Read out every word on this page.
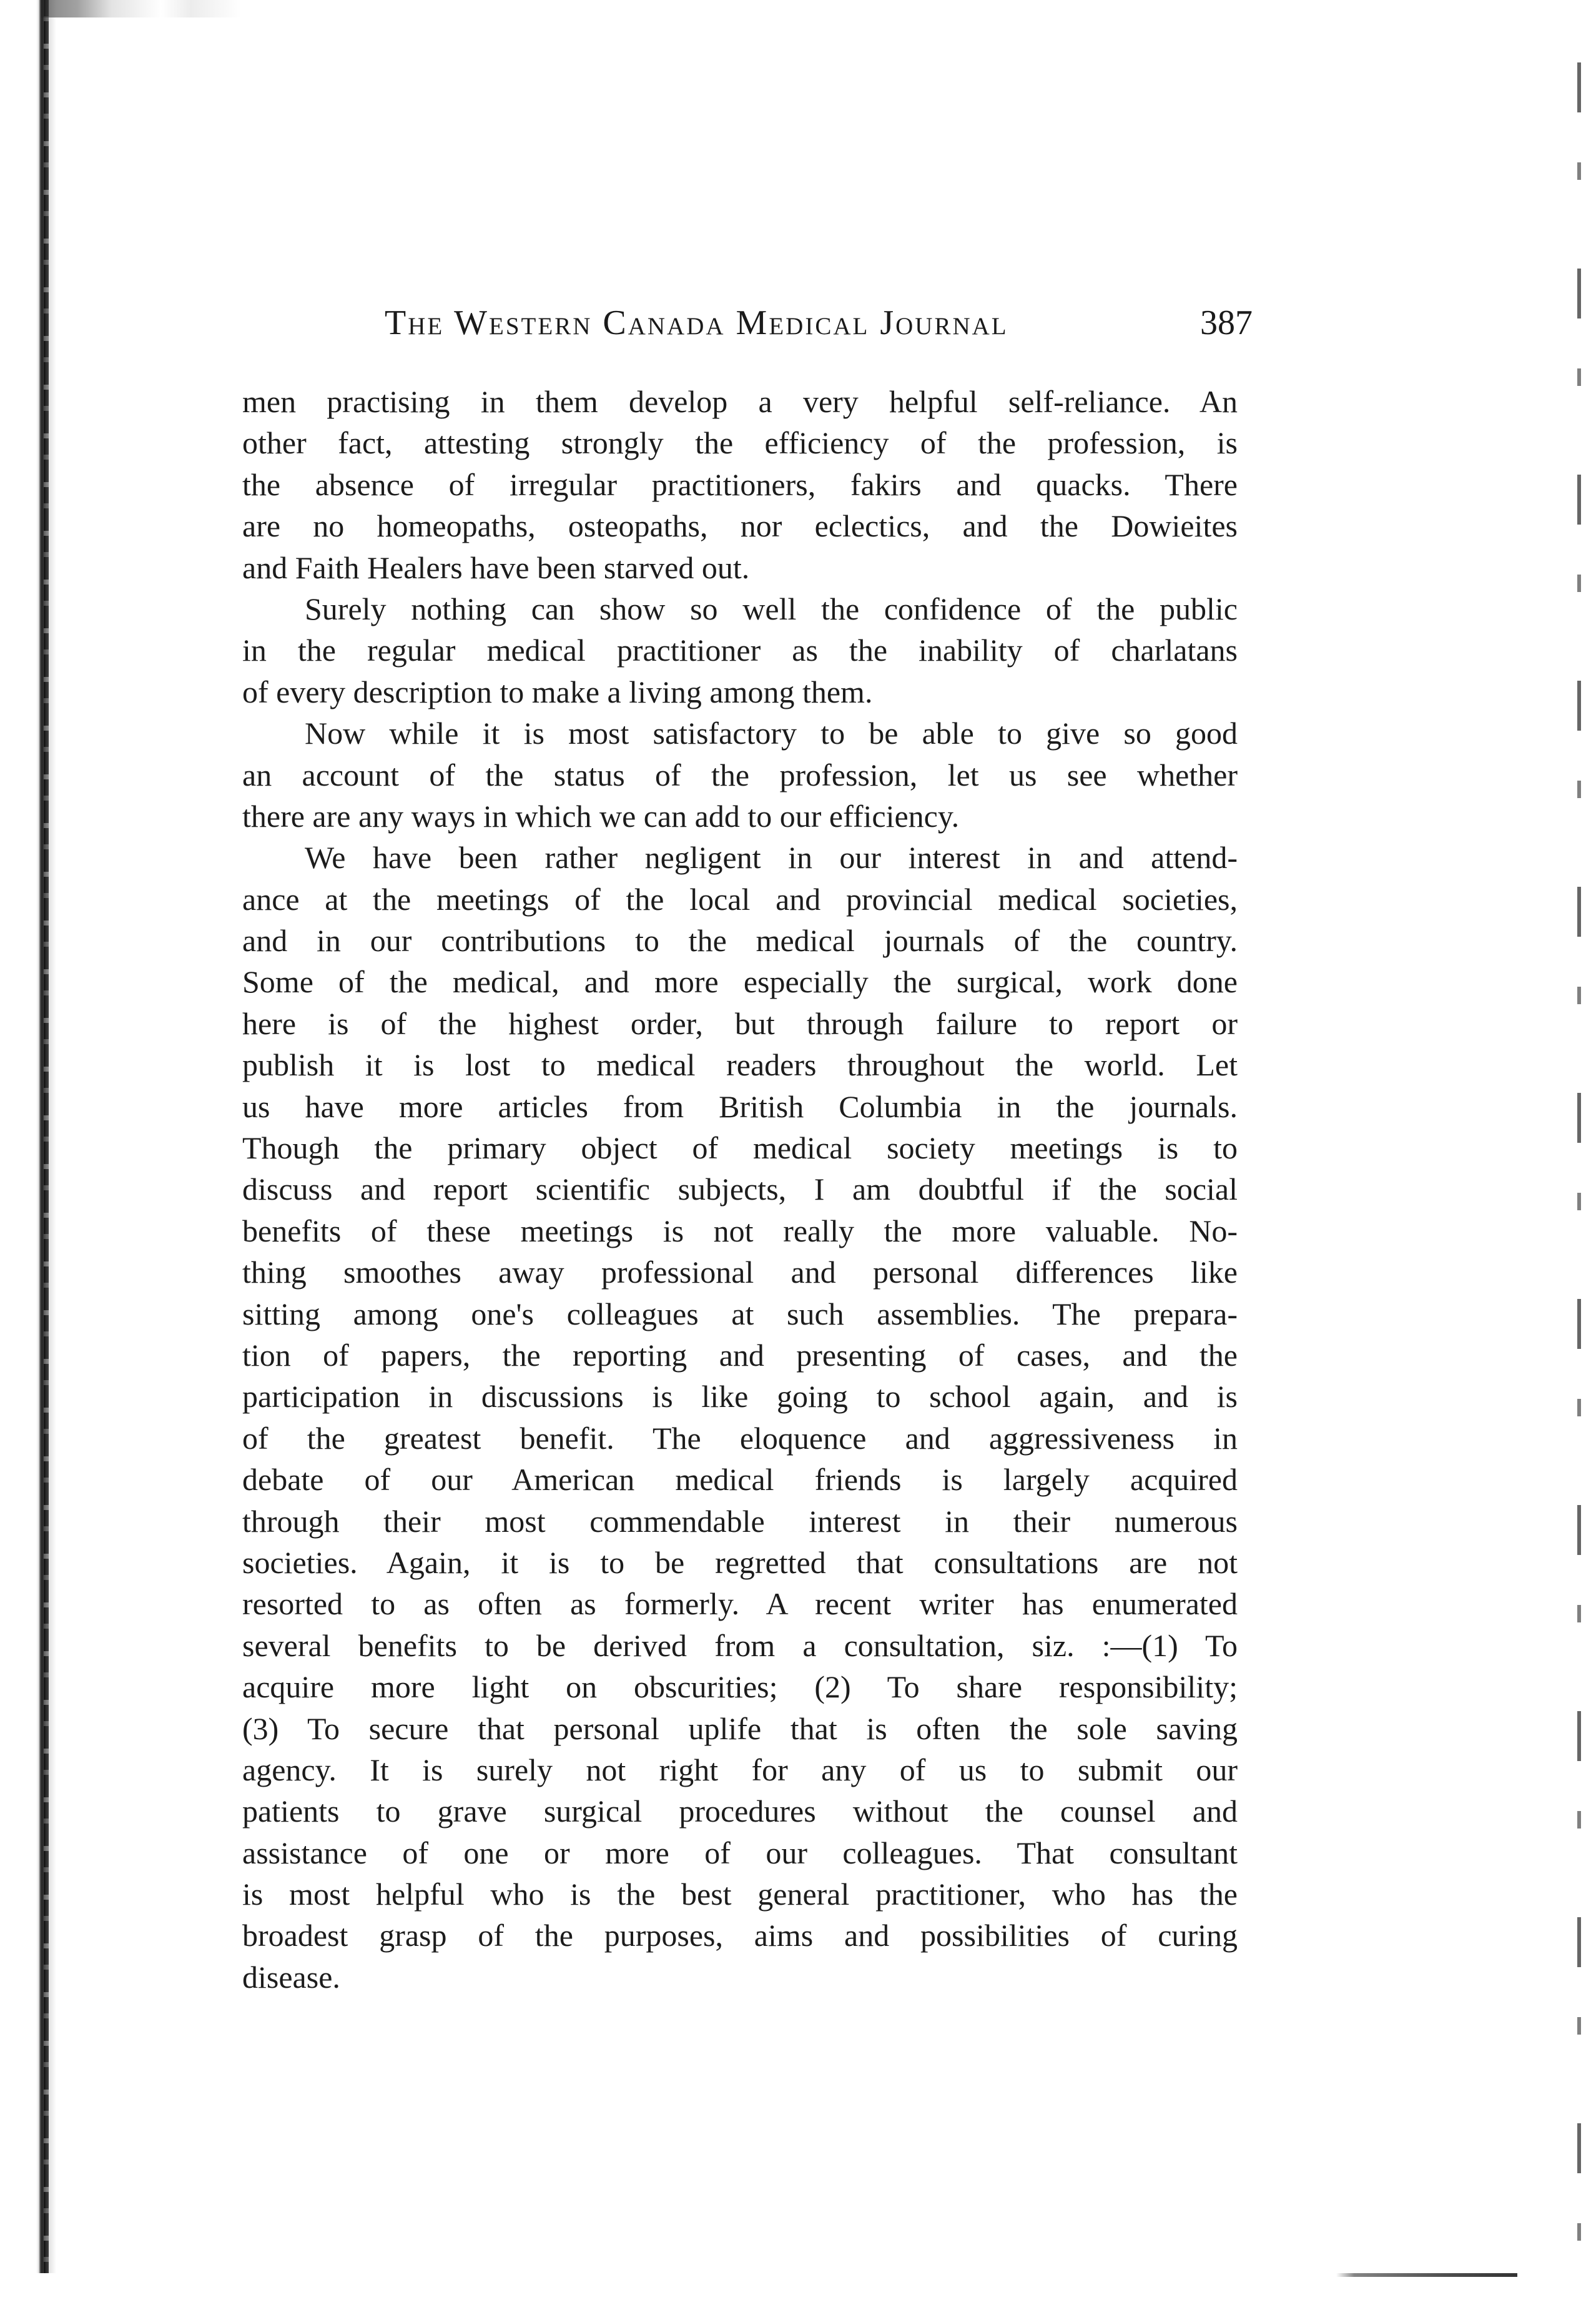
The Western Canada Medical Journal	387
men practising in them develop a very helpful self-reliance. An
other fact, attesting strongly the efficiency of the profession, is
the absence of irregular practitioners, fakirs and quacks. There
are no homeopaths, osteopaths, nor eclectics, and the Dowieites
and Faith Healers have been starved out.
Surely nothing can show so well the confidence of the public
in the regular medical practitioner as the inability of charlatans
of every description to make a living among them.
Now while it is most satisfactory to be able to give so good
an account of the status of the profession, let us see whether
there are any ways in which we can add to our efficiency.
We have been rather negligent in our interest in and attend-
ance at the meetings of the local and provincial medical societies,
and in our contributions to the medical journals of the country.
Some of the medical, and more especially the surgical, work done
here is of the highest order, but through failure to report or
publish it is lost to medical readers throughout the world. Let
us have more articles from British Columbia in the journals.
Though the primary object of medical society meetings is to
discuss and report scientific subjects, I am doubtful if the social
benefits of these meetings is not really the more valuable. No-
thing smoothes away professional and personal differences like
sitting among one's colleagues at such assemblies. The prepara-
tion of papers, the reporting and presenting of cases, and the
participation in discussions is like going to school again, and is
of the greatest benefit. The eloquence and aggressiveness in
debate of our American medical friends is largely acquired
through their most commendable interest in their numerous
societies. Again, it is to be regretted that consultations are not
resorted to as often as formerly. A recent writer has enumerated
several benefits to be derived from a consultation, siz. :—(1) To
acquire more light on obscurities; (2) To share responsibility;
(3) To secure that personal uplife that is often the sole saving
agency. It is surely not right for any of us to submit our
patients to grave surgical procedures without the counsel and
assistance of one or more of our colleagues. That consultant
is most helpful who is the best general practitioner, who has the
broadest grasp of the purposes, aims and possibilities of curing
disease.
